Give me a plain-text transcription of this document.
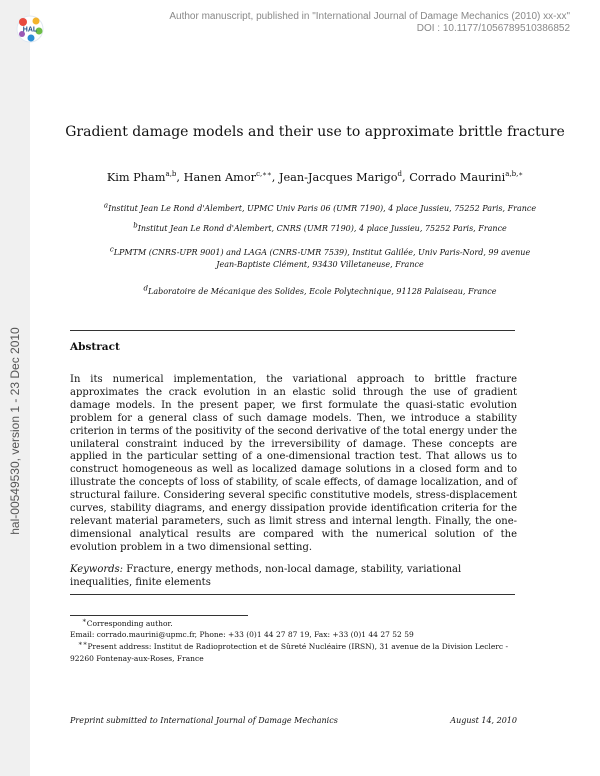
hal-00549530, version 1 - 23 Dec 2010
HAL
Author manuscript, published in "International Journal of Damage Mechanics (2010) xx-xx"
DOI : 10.1177/1056789510386852
Gradient damage models and their use to approximate brittle fracture
Kim Pham$^{a,b}$, Hanen Amor$^{c,∗∗}$, Jean-Jacques Marigo$^d$, Corrado Maurini$^{a,b,∗}$
$^a$Institut Jean Le Rond d'Alembert, UPMC Univ Paris 06 (UMR 7190), 4 place Jussieu, 75252 Paris, France
$^b$Institut Jean Le Rond d'Alembert, CNRS (UMR 7190), 4 place Jussieu, 75252 Paris, France
$^c$LPMTM (CNRS-UPR 9001) and LAGA (CNRS-UMR 7539), Institut Galilée, Univ Paris-Nord, 99 avenue
Jean-Baptiste Clément, 93430 Villetaneuse, France
$^d$Laboratoire de Mécanique des Solides, Ecole Polytechnique, 91128 Palaiseau, France
Abstract
In its numerical implementation, the variational approach to brittle fracture approximates the crack evolution in an elastic solid through the use of gradient damage models. In the present paper, we first formulate the quasi-static evolution problem for a general class of such damage models. Then, we introduce a stability criterion in terms of the positivity of the second derivative of the total energy under the unilateral constraint induced by the irreversibility of damage. These concepts are applied in the particular setting of a one-dimensional traction test. That allows us to construct homogeneous as well as localized damage solutions in a closed form and to illustrate the concepts of loss of stability, of scale effects, of damage localization, and of structural failure. Considering several specific constitutive models, stress-displacement curves, stability diagrams, and energy dissipation provide identification criteria for the relevant material parameters, such as limit stress and internal length. Finally, the one-dimensional analytical results are compared with the numerical solution of the evolution problem in a two dimensional setting.
Keywords: Fracture, energy methods, non-local damage, stability, variational inequalities, finite elements
∗Corresponding author.
Email: corrado.maurini@upmc.fr, Phone: +33 (0)1 44 27 87 19, Fax: +33 (0)1 44 27 52 59
∗∗Present address: Institut de Radioprotection et de Sûreté Nucléaire (IRSN), 31 avenue de la Division Leclerc - 92260 Fontenay-aux-Roses, France
Preprint submitted to International Journal of Damage Mechanics	August 14, 2010
